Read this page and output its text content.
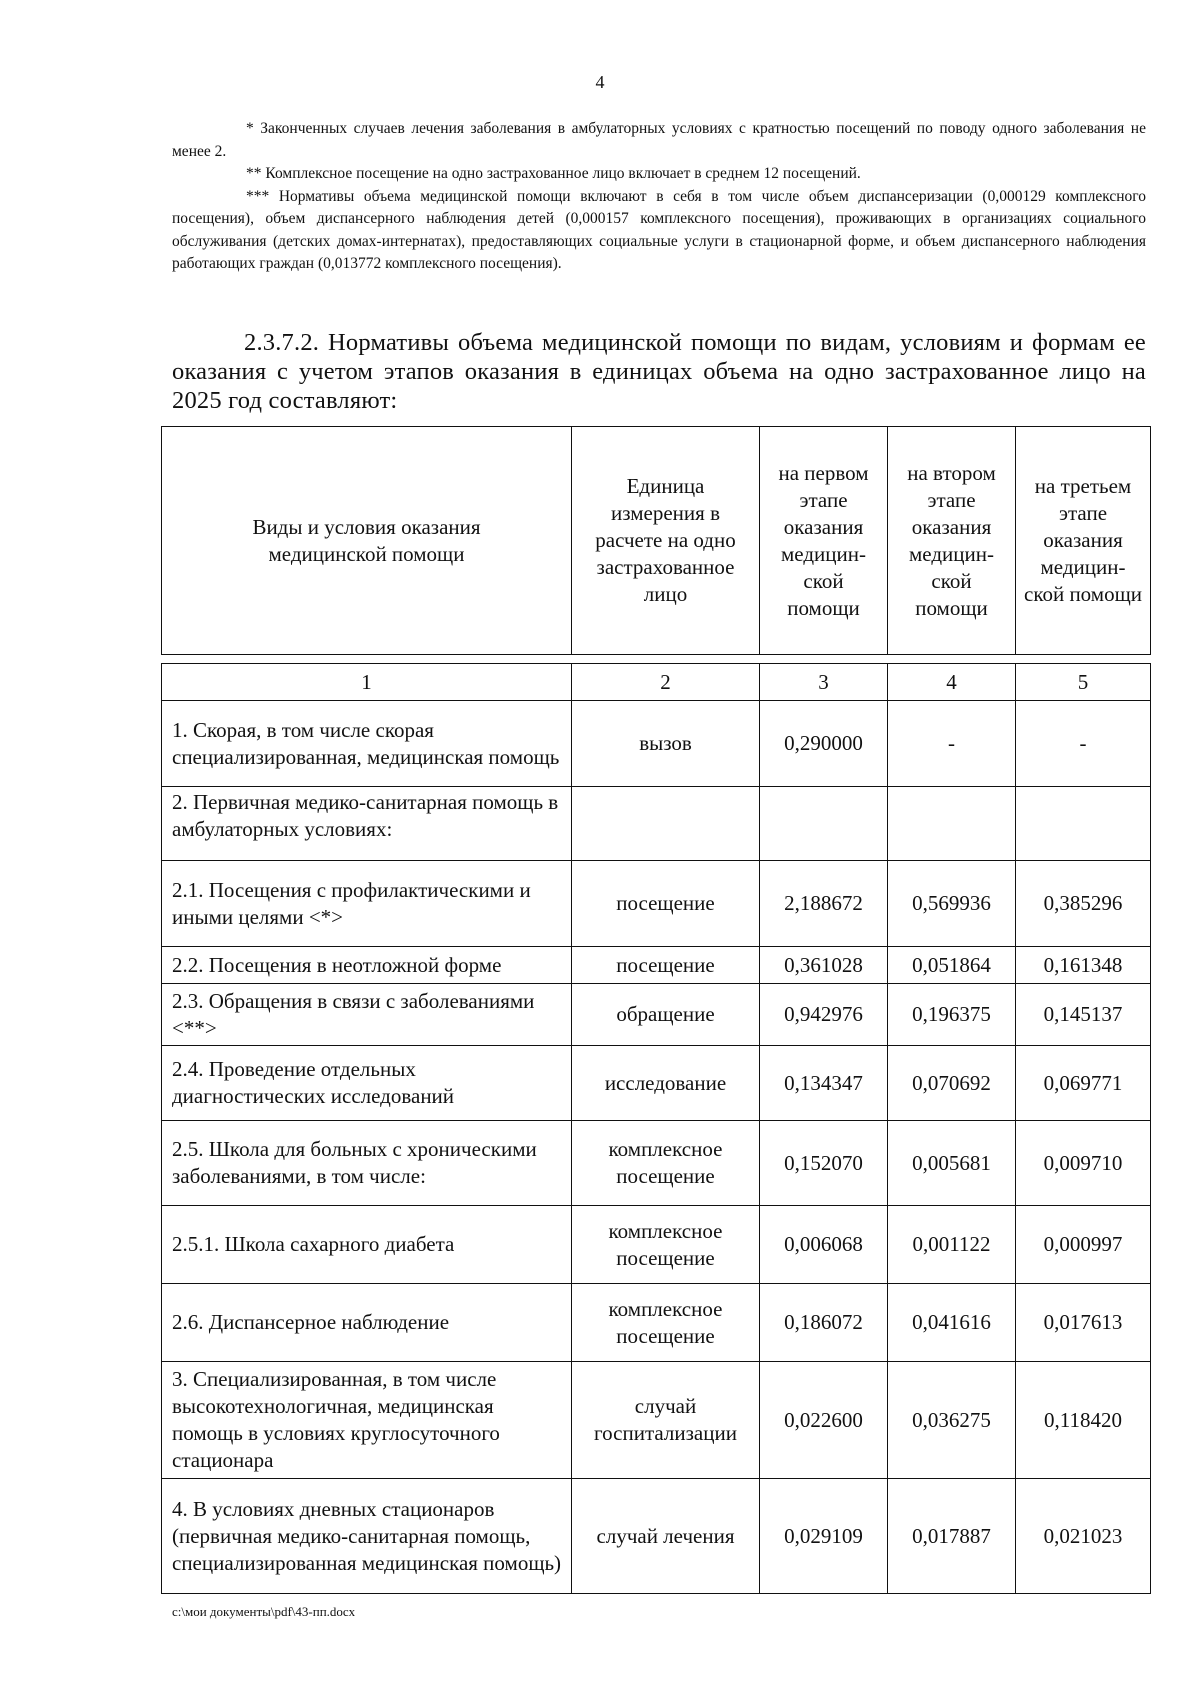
4

* Законченных случаев лечения заболевания в амбулаторных условиях с кратностью посещений по поводу одного заболевания не менее 2.

** Комплексное посещение на одно застрахованное лицо включает в среднем 12 посещений.

*** Нормативы объема медицинской помощи включают в себя в том числе объем диспансеризации (0,000129 комплексного посещения), объем диспансерного наблюдения детей (0,000157 комплексного посещения), проживающих в организациях социального обслуживания (детских домах-интернатах), предоставляющих социальные услуги в стационарной форме, и объем диспансерного наблюдения работающих граждан (0,013772 комплексного посещения).

2.3.7.2. Нормативы объема медицинской помощи по видам, условиям и формам ее оказания с учетом этапов оказания в единицах объема на одно застрахованное лицо на 2025 год составляют:

Виды и условия оказания медицинской помощи	Единица измерения в расчете на одно застрахованное лицо	на первом этапе оказания медицин-ской помощи	на втором этапе оказания медицин-ской помощи	на третьем этапе оказания медицин-ской помощи

1	2	3	4	5
1. Скорая, в том числе скорая специализированная, медицинская помощь	вызов	0,290000	-	-
2. Первичная медико-санитарная помощь в амбулаторных условиях:				
2.1. Посещения с профилактическими и иными целями <*>	посещение	2,188672	0,569936	0,385296
2.2. Посещения в неотложной форме	посещение	0,361028	0,051864	0,161348
2.3. Обращения в связи с заболеваниями <**>	обращение	0,942976	0,196375	0,145137
2.4. Проведение отдельных диагностических исследований	исследование	0,134347	0,070692	0,069771
2.5. Школа для больных с хроническими заболеваниями, в том числе:	комплексное посещение	0,152070	0,005681	0,009710
2.5.1. Школа сахарного диабета	комплексное посещение	0,006068	0,001122	0,000997
2.6. Диспансерное наблюдение	комплексное посещение	0,186072	0,041616	0,017613
3. Специализированная, в том числе высокотехнологичная, медицинская помощь в условиях круглосуточного стационара	случай госпитализации	0,022600	0,036275	0,118420
4. В условиях дневных стационаров (первичная медико-санитарная помощь, специализированная медицинская помощь)	случай лечения	0,029109	0,017887	0,021023
c:\мои документы\pdf\43-пп.docx
